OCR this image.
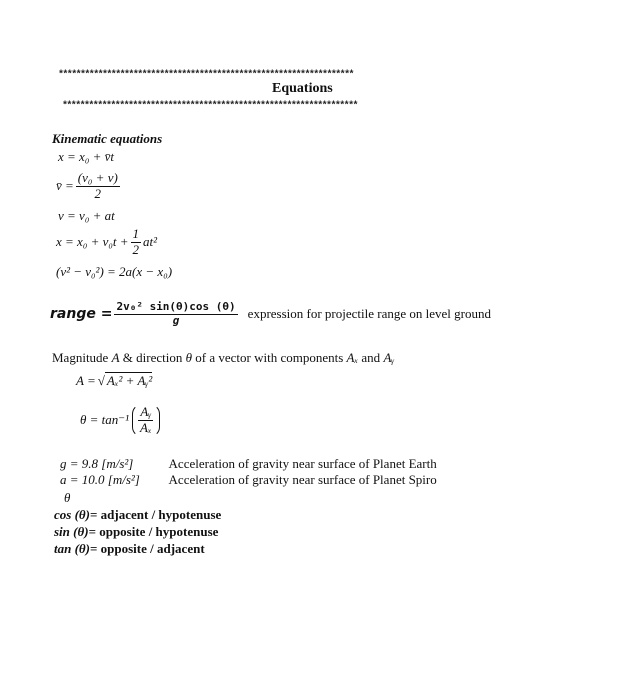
*******************************************************************
Equations
*******************************************************************
Kinematic equations
x = x₀ + v̄t
v̄ = $\frac{\text{(v₀ + v)}}{2}$
v = v₀ + at
$x = x_0 + v_0t + \frac{1}{2} at^2$
(v² − v₀²) = 2a(x − x₀)
range = $\frac{\text{2v₀² sin(θ)cos (θ)}}{g}$ expression for projectile range on level ground
Magnitude A & direction θ of a vector with components Aₓ and Aᵧ
A = √ Aₓ² + Aᵧ²
$\theta = \tan^{-1} \frac{\text{Aᵧ}}{\text{Aₓ}}$
g = 9.8 [m/s²]	Acceleration of gravity near surface of Planet Earth
a = 10.0 [m/s²] Acceleration of gravity near surface of Planet Spiro
θ
cos (θ)= adjacent / hypotenuse
sin (θ)= opposite / hypotenuse
tan (θ)= opposite / adjacent
